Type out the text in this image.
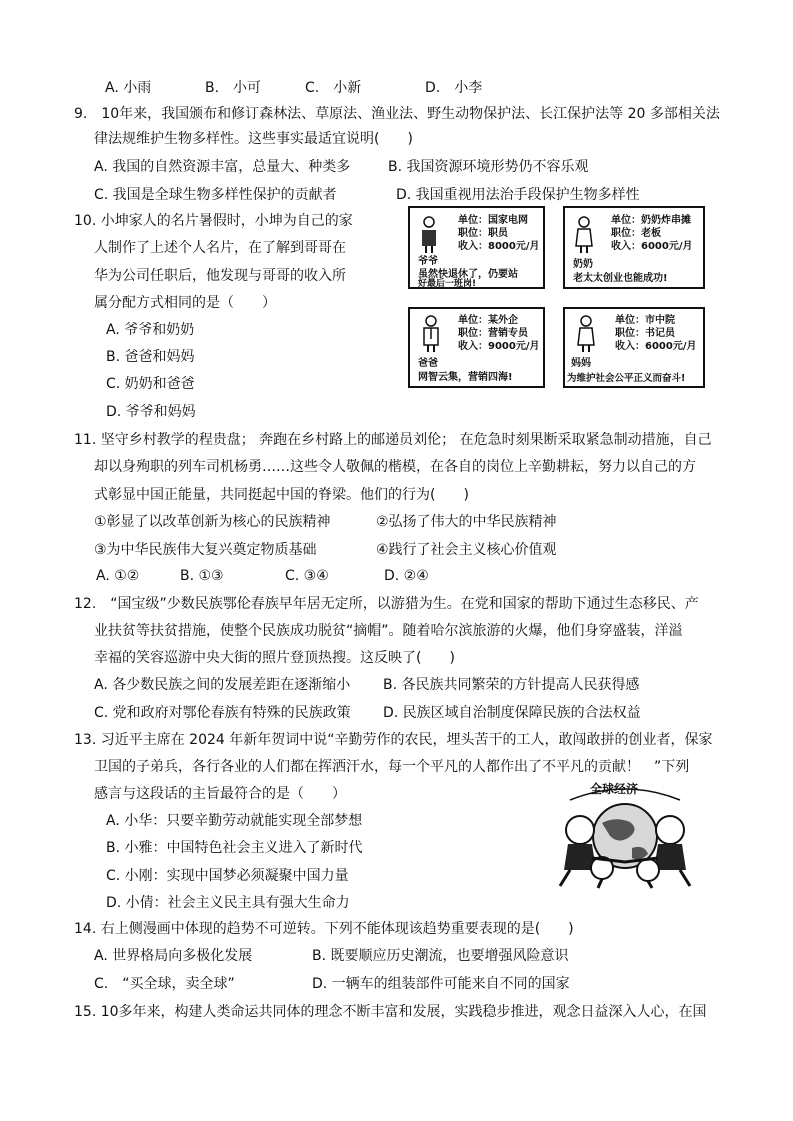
A. 小雨	B.　小可	C.　小新	D.　小李
9.　10年来，我国颁布和修订森林法、草原法、渔业法、野生动物保护法、长江保护法等 20 多部相关法
律法规维护生物多样性。这些事实最适宜说明(　　)
A. 我国的自然资源丰富，总量大、种类多	B. 我国资源环境形势仍不容乐观
C. 我国是全球生物多样性保护的贡献者	D. 我国重视用法治手段保护生物多样性
10. 小坤家人的名片暑假时，小坤为自己的家
人制作了上述个人名片，在了解到哥哥在
华为公司任职后，他发现与哥哥的收入所
属分配方式相同的是（　　）
A. 爷爷和奶奶
B. 爸爸和妈妈
C. 奶奶和爸爸
D. 爷爷和妈妈
单位：国家电网
职位：职员
收入：8000元/月
爷爷
虽然快退休了，仍要站
好最后一班岗!
单位：奶奶炸串摊
职位：老板
收入：6000元/月
奶奶
老太太创业也能成功!
单位：某外企
职位：营销专员
收入：9000元/月
爸爸
网智云集，营销四海!
单位：市中院
职位：书记员
收入：6000元/月
妈妈
为维护社会公平正义而奋斗!
11. 坚守乡村教学的程贵盘； 奔跑在乡村路上的邮递员刘伦； 在危急时刻果断采取紧急制动措施，自己
却以身殉职的列车司机杨勇……这些令人敬佩的楷模，在各自的岗位上辛勤耕耘，努力以自己的方
式彰显中国正能量，共同挺起中国的脊梁。他们的行为(　　)
①彰显了以改革创新为核心的民族精神	②弘扬了伟大的中华民族精神
③为中华民族伟大复兴奠定物质基础	④践行了社会主义核心价值观
A. ①②	B. ①③	C. ③④	D. ②④
12.　“国宝级”少数民族鄂伦春族早年居无定所，以游猎为生。在党和国家的帮助下通过生态移民、产
业扶贫等扶贫措施，使整个民族成功脱贫“摘帽”。随着哈尔滨旅游的火爆，他们身穿盛装，洋溢
幸福的笑容巡游中央大街的照片登顶热搜。这反映了(　　)
A. 各少数民族之间的发展差距在逐渐缩小 B. 各民族共同繁荣的方针提高人民获得感
C. 党和政府对鄂伦春族有特殊的民族政策 D. 民族区域自治制度保障民族的合法权益
13. 习近平主席在 2024 年新年贺词中说“辛勤劳作的农民，埋头苦干的工人，敢闯敢拼的创业者，保家
卫国的子弟兵，各行各业的人们都在挥洒汗水，每一个平凡的人都作出了不平凡的贡献！　”下列
感言与这段话的主旨最符合的是（　　）
A. 小华：只要辛勤劳动就能实现全部梦想
B. 小雅：中国特色社会主义进入了新时代
C. 小刚：实现中国梦必须凝聚中国力量
D. 小倩：社会主义民主具有强大生命力
全球经济
14. 右上侧漫画中体现的趋势不可逆转。下列不能体现该趋势重要表现的是(　　)
A. 世界格局向多极化发展	B. 既要顺应历史潮流，也要增强风险意识
C.　“买全球，卖全球”	D. 一辆车的组装部件可能来自不同的国家
15. 10多年来，构建人类命运共同体的理念不断丰富和发展，实践稳步推进，观念日益深入人心，在国
